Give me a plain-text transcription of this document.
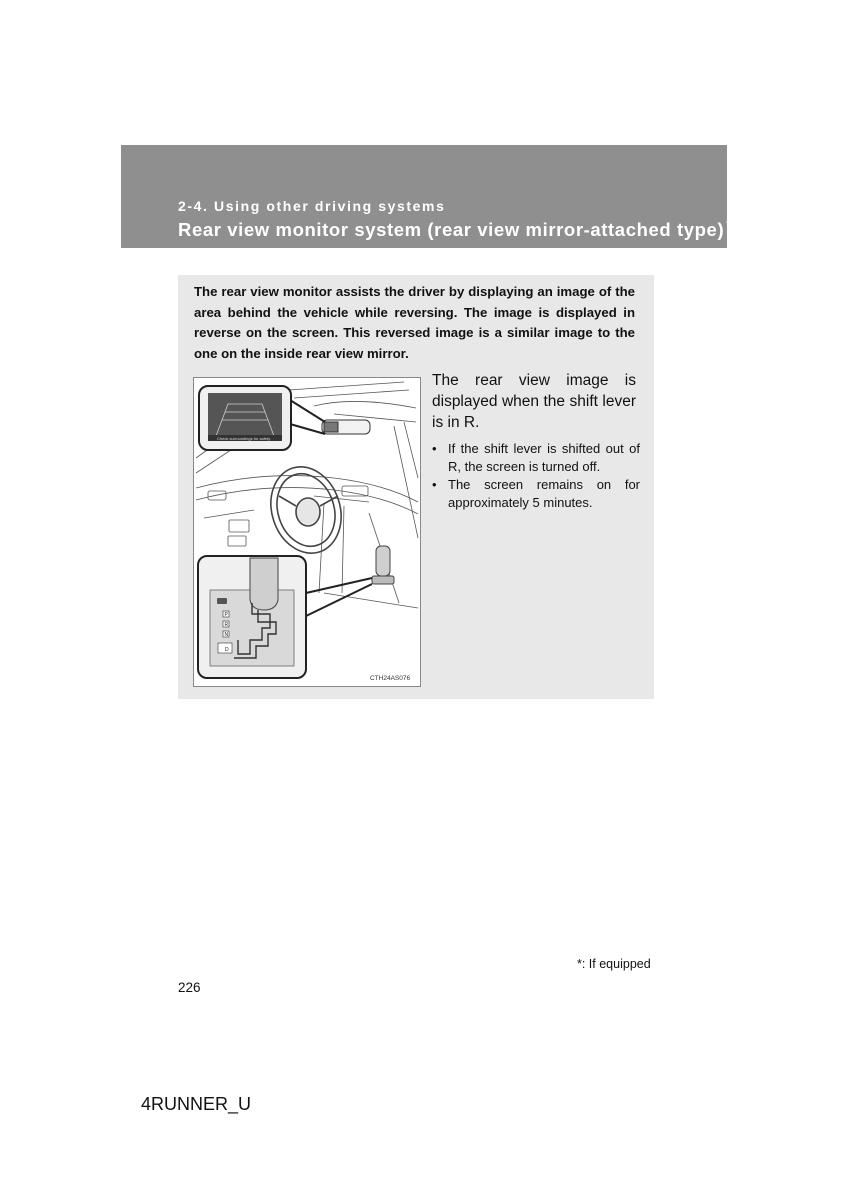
2-4. Using other driving systems
Rear view monitor system (rear view mirror-attached type) *
The rear view monitor assists the driver by displaying an image of the area behind the vehicle while reversing. The image is displayed in reverse on the screen. This reversed image is a similar image to the one on the inside rear view mirror.
Check surroundings for safety.
P
R
N
D
CTH24AS076
The rear view image is displayed when the shift lever is in R.
• If the shift lever is shifted out of R, the screen is turned off.
• The screen remains on for approximately 5 minutes.
*: If equipped
226
4RUNNER_U
